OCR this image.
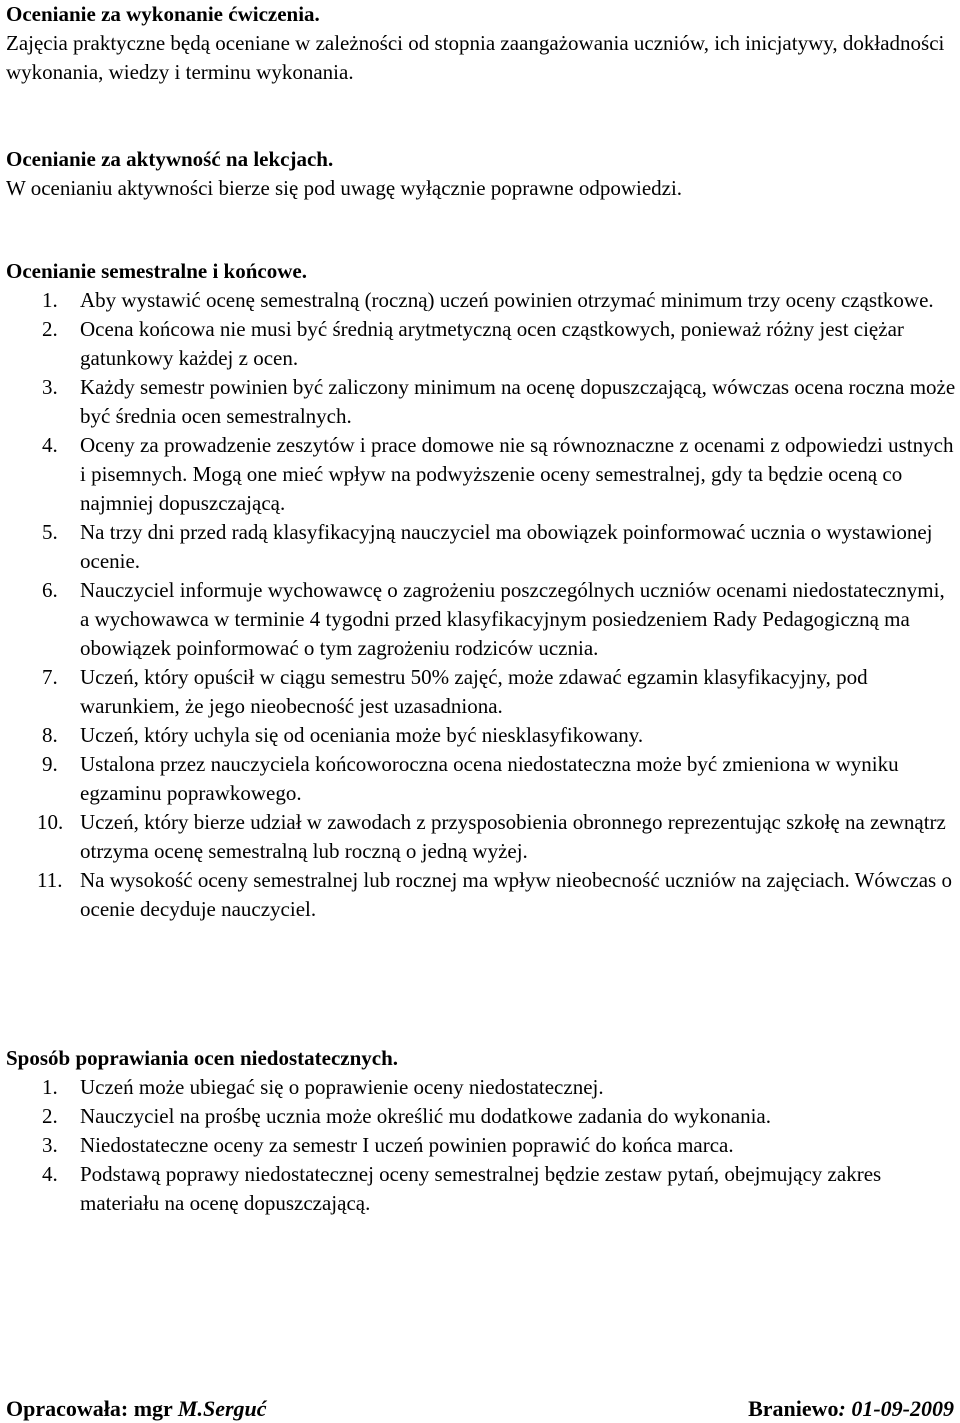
Ocenianie za wykonanie ćwiczenia.

Zajęcia praktyczne będą oceniane w zależności od stopnia zaangażowania uczniów, ich inicjatywy, dokładności wykonania, wiedzy i terminu wykonania.

Ocenianie za aktywność na lekcjach.

W ocenianiu aktywności bierze się pod uwagę wyłącznie poprawne odpowiedzi.

Ocenianie semestralne i końcowe.

1. Aby wystawić ocenę semestralną (roczną) uczeń powinien otrzymać minimum trzy oceny cząstkowe.
2. Ocena końcowa nie musi być średnią arytmetyczną ocen cząstkowych, ponieważ różny jest ciężar gatunkowy każdej z ocen.
3. Każdy semestr powinien być zaliczony minimum na ocenę dopuszczającą, wówczas ocena roczna może być średnia ocen semestralnych.
4. Oceny za prowadzenie zeszytów i prace domowe nie są równoznaczne z ocenami z odpowiedzi ustnych i pisemnych. Mogą one mieć wpływ na podwyższenie oceny semestralnej, gdy ta będzie oceną co najmniej dopuszczającą.
5. Na trzy dni przed radą klasyfikacyjną nauczyciel ma obowiązek poinformować ucznia o wystawionej ocenie.
6. Nauczyciel informuje wychowawcę o zagrożeniu poszczególnych uczniów ocenami niedostatecznymi, a wychowawca w terminie 4 tygodni przed klasyfikacyjnym posiedzeniem Rady Pedagogiczną ma obowiązek poinformować o tym zagrożeniu rodziców ucznia.
7. Uczeń, który opuścił w ciągu semestru 50% zajęć, może zdawać egzamin klasyfikacyjny, pod warunkiem, że jego nieobecność jest uzasadniona.
8. Uczeń, który uchyla się od oceniania może być niesklasyfikowany.
9. Ustalona przez nauczyciela końcoworoczna ocena niedostateczna może być zmieniona w wyniku egzaminu poprawkowego.
10. Uczeń, który bierze udział w zawodach z przysposobienia obronnego reprezentując szkołę na zewnątrz otrzyma ocenę semestralną lub roczną o jedną wyżej.
11. Na wysokość oceny semestralnej lub rocznej ma wpływ nieobecność uczniów na zajęciach. Wówczas o ocenie decyduje nauczyciel.

Sposób poprawiania ocen niedostatecznych.

1. Uczeń może ubiegać się o poprawienie oceny niedostatecznej.
2. Nauczyciel na prośbę ucznia może określić mu dodatkowe zadania do wykonania.
3. Niedostateczne oceny za semestr I uczeń powinien poprawić do końca marca.
4. Podstawą poprawy niedostatecznej oceny semestralnej będzie zestaw pytań, obejmujący zakres materiału na ocenę dopuszczającą.
Opracowała: mgr M.Serguć	Braniewo: 01-09-2009
